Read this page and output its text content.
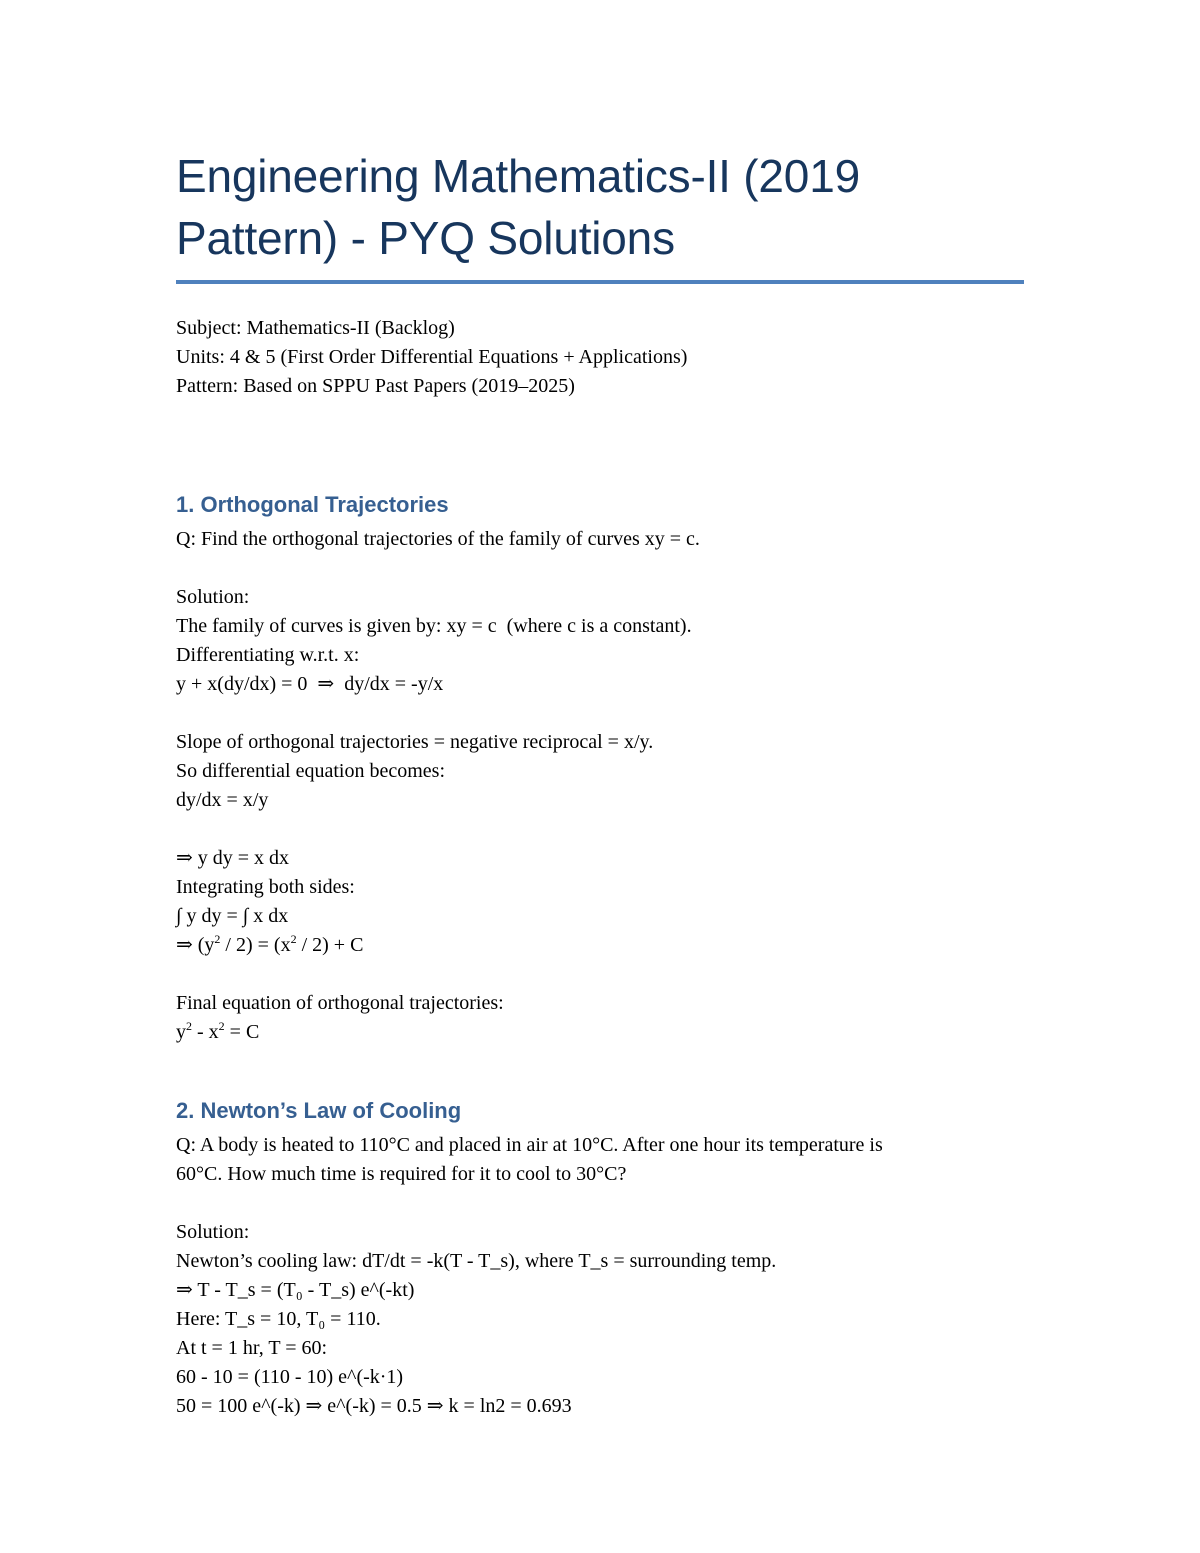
Engineering Mathematics-II (2019
Pattern) - PYQ Solutions
Subject: Mathematics-II (Backlog)
Units: 4 & 5 (First Order Differential Equations + Applications)
Pattern: Based on SPPU Past Papers (2019–2025)
1. Orthogonal Trajectories
Q: Find the orthogonal trajectories of the family of curves xy = c.
Solution:
The family of curves is given by: xy = c  (where c is a constant).
Differentiating w.r.t. x:
y + x(dy/dx) = 0  ⇒  dy/dx = -y/x
Slope of orthogonal trajectories = negative reciprocal = x/y.
So differential equation becomes:
dy/dx = x/y
⇒ y dy = x dx
Integrating both sides:
∫ y dy = ∫ x dx
⇒ $(y^2 / 2) = (x^2 / 2) + C$
Final equation of orthogonal trajectories:
$y^2 - x^2 = C$
2. Newton’s Law of Cooling
Q: A body is heated to 110°C and placed in air at 10°C. After one hour its temperature is
60°C. How much time is required for it to cool to 30°C?
Solution:
Newton’s cooling law: dT/dt = -k(T - T_s), where T_s = surrounding temp.
⇒ T - T_s = (T₀ - T_s) e^(-kt)
Here: T_s = 10, T₀ = 110.
At t = 1 hr, T = 60:
60 - 10 = (110 - 10) e^(-k·1)
50 = 100 e^(-k) ⇒ e^(-k) = 0.5 ⇒ k = ln2 = 0.693
